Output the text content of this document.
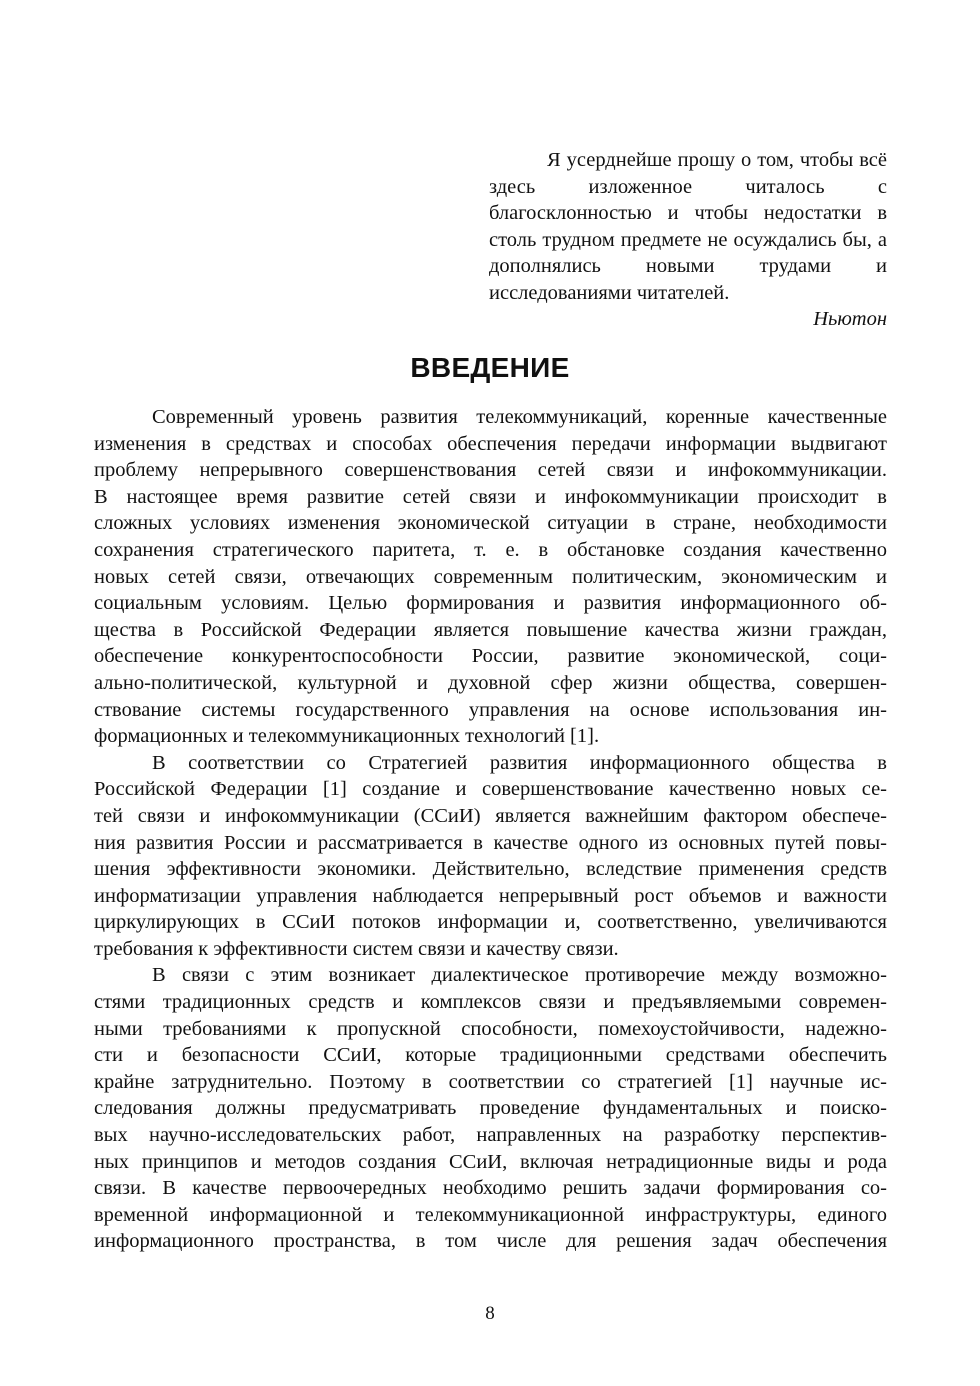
Я усерднейше прошу о том, чтобы всё здесь изложенное читалось с благосклонностью и чтобы недостатки в столь трудном предмете не осуждались бы, а дополнялись новыми трудами и исследованиями читателей.
Ньютон
ВВЕДЕНИЕ
Современный уровень развития телекоммуникаций, коренные качественные
изменения в средствах и способах обеспечения передачи информации выдвигают
проблему непрерывного совершенствования сетей связи и инфокоммуникации.
В настоящее время развитие сетей связи и инфокоммуникации происходит в
сложных условиях изменения экономической ситуации в стране, необходимости
сохранения стратегического паритета, т. е. в обстановке создания качественно
новых сетей связи, отвечающих современным политическим, экономическим и
социальным условиям. Целью формирования и развития информационного об-
щества в Российской Федерации является повышение качества жизни граждан,
обеспечение конкурентоспособности России, развитие экономической, соци-
ально-политической, культурной и духовной сфер жизни общества, совершен-
ствование системы государственного управления на основе использования ин-
формационных и телекоммуникационных технологий [1].
В соответствии со Стратегией развития информационного общества в
Российской Федерации [1] создание и совершенствование качественно новых се-
тей связи и инфокоммуникации (ССиИ) является важнейшим фактором обеспече-
ния развития России и рассматривается в качестве одного из основных путей повы-
шения эффективности экономики. Действительно, вследствие применения средств
информатизации управления наблюдается непрерывный рост объемов и важности
циркулирующих в ССиИ потоков информации и, соответственно, увеличиваются
требования к эффективности систем связи и качеству связи.
В связи с этим возникает диалектическое противоречие между возможно-
стями традиционных средств и комплексов связи и предъявляемыми современ-
ными требованиями к пропускной способности, помехоустойчивости, надежно-
сти и безопасности ССиИ, которые традиционными средствами обеспечить
крайне затруднительно. Поэтому в соответствии со стратегией [1] научные ис-
следования должны предусматривать проведение фундаментальных и поиско-
вых научно-исследовательских работ, направленных на разработку перспектив-
ных принципов и методов создания ССиИ, включая нетрадиционные виды и рода
связи. В качестве первоочередных необходимо решить задачи формирования со-
временной информационной и телекоммуникационной инфраструктуры, единого
информационного пространства, в том числе для решения задач обеспечения
8
